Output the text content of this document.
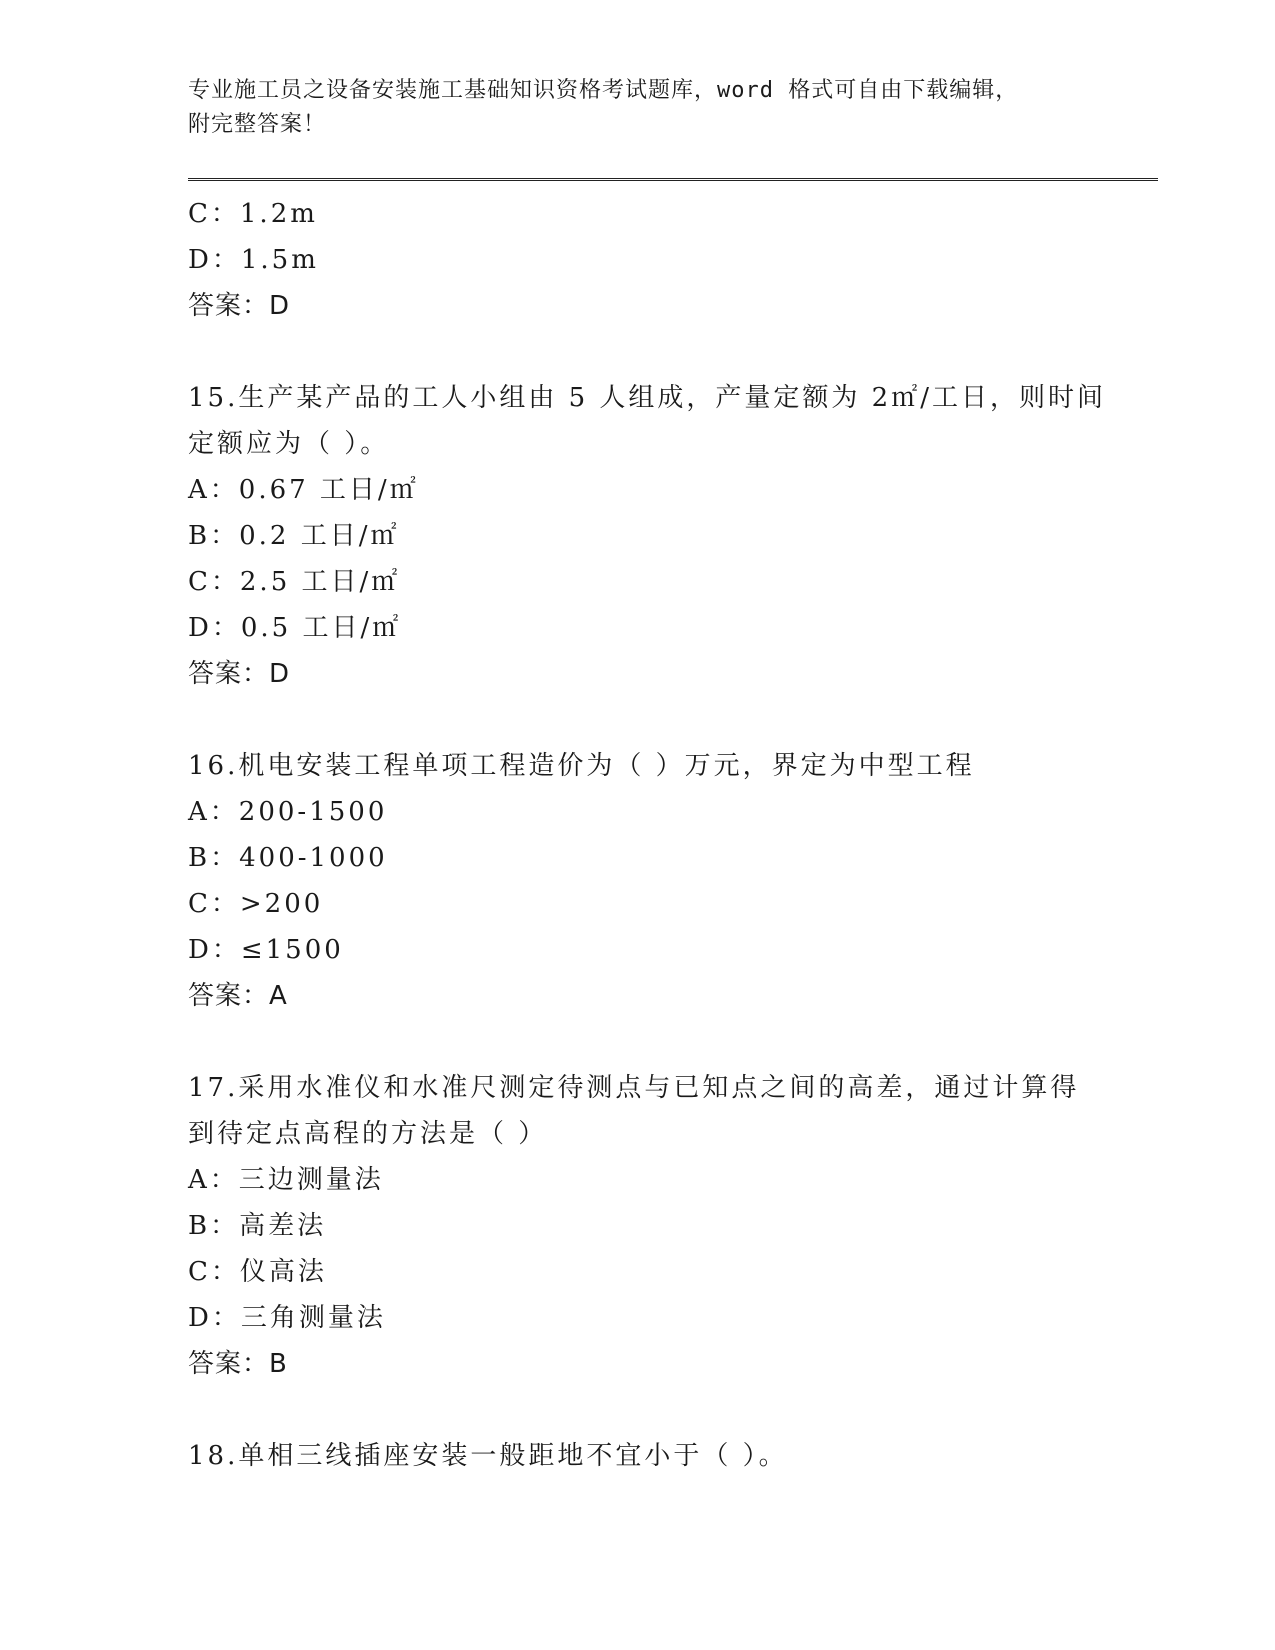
专业施工员之设备安装施工基础知识资格考试题库，word 格式可自由下载编辑，
附完整答案！
C：1.2m
D：1.5m
答案：D
15.生产某产品的工人小组由 5 人组成，产量定额为 2㎡/工日，则时间
定额应为（ ）。
A：0.67 工日/㎡
B：0.2 工日/㎡
C：2.5 工日/㎡
D：0.5 工日/㎡
答案：D
16.机电安装工程单项工程造价为（ ）万元，界定为中型工程
A：200-1500
B：400-1000
C：>200
D：≤1500
答案：A
17.采用水准仪和水准尺测定待测点与已知点之间的高差，通过计算得
到待定点高程的方法是（ ）
A：三边测量法
B：高差法
C：仪高法
D：三角测量法
答案：B
18.单相三线插座安装一般距地不宜小于（ ）。
